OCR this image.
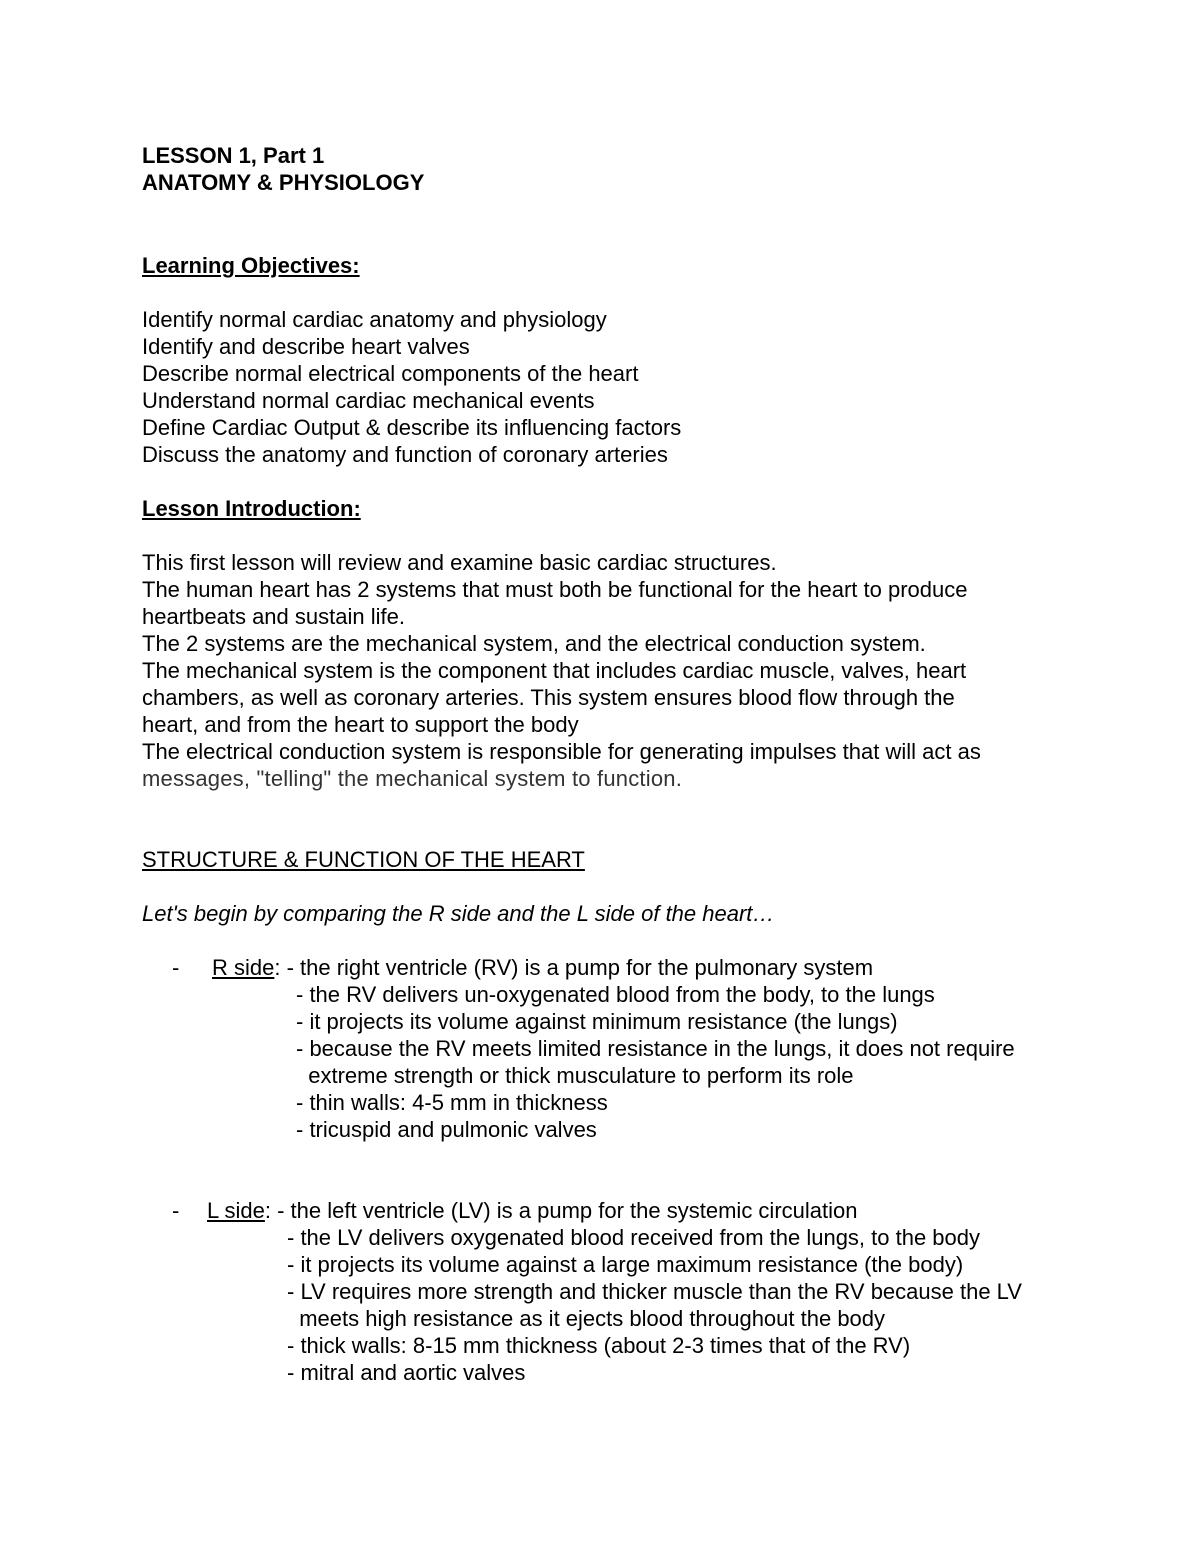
LESSON 1, Part 1
ANATOMY & PHYSIOLOGY
Learning Objectives:
Identify normal cardiac anatomy and physiology
Identify and describe heart valves
Describe normal electrical components of the heart
Understand normal cardiac mechanical events
Define Cardiac Output & describe its influencing factors
Discuss the anatomy and function of coronary arteries
Lesson Introduction:
This first lesson will review and examine basic cardiac structures.
The human heart has 2 systems that must both be functional for the heart to produce
heartbeats and sustain life.
The 2 systems are the mechanical system, and the electrical conduction system.
The mechanical system is the component that includes cardiac muscle, valves, heart
chambers, as well as coronary arteries. This system ensures blood flow through the
heart, and from the heart to support the body
The electrical conduction system is responsible for generating impulses that will act as
messages, "telling" the mechanical system to function.
STRUCTURE & FUNCTION OF THE HEART
Let's begin by comparing the R side and the L side of the heart…
- R side: - the right ventricle (RV) is a pump for the pulmonary system
- the RV delivers un-oxygenated blood from the body, to the lungs
- it projects its volume against minimum resistance (the lungs)
- because the RV meets limited resistance in the lungs, it does not require
extreme strength or thick musculature to perform its role
- thin walls: 4-5 mm in thickness
- tricuspid and pulmonic valves
- L side: - the left ventricle (LV) is a pump for the systemic circulation
- the LV delivers oxygenated blood received from the lungs, to the body
- it projects its volume against a large maximum resistance (the body)
- LV requires more strength and thicker muscle than the RV because the LV
meets high resistance as it ejects blood throughout the body
- thick walls: 8-15 mm thickness (about 2-3 times that of the RV)
- mitral and aortic valves
